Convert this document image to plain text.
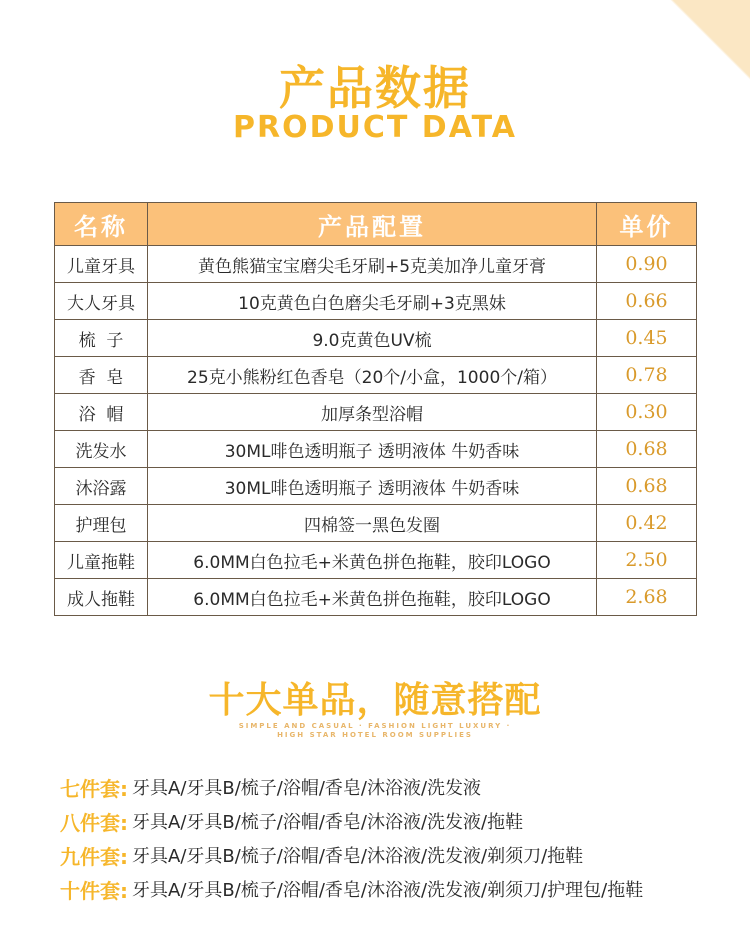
产品数据
PRODUCT DATA
名称	产品配置	单价
儿童牙具	黄色熊猫宝宝磨尖毛牙刷+5克美加净儿童牙膏	0.90
大人牙具	10克黄色白色磨尖毛牙刷+3克黑妹	0.66
梳  子	9.0克黄色UV梳	0.45
香  皂	25克小熊粉红色香皂（20个/小盒，1000个/箱）	0.78
浴  帽	加厚条型浴帽	0.30
洗发水	30ML啡色透明瓶子 透明液体 牛奶香味	0.68
沐浴露	30ML啡色透明瓶子 透明液体 牛奶香味	0.68
护理包	四棉签一黑色发圈	0.42
儿童拖鞋	6.0MM白色拉毛+米黄色拼色拖鞋，胶印LOGO	2.50
成人拖鞋	6.0MM白色拉毛+米黄色拼色拖鞋，胶印LOGO	2.68
十大单品，随意搭配
SIMPLE AND CASUAL · FASHION LIGHT LUXURY ·
HIGH STAR HOTEL ROOM SUPPLIES
七件套: 牙具A/牙具B/梳子/浴帽/香皂/沐浴液/洗发液
八件套: 牙具A/牙具B/梳子/浴帽/香皂/沐浴液/洗发液/拖鞋
九件套: 牙具A/牙具B/梳子/浴帽/香皂/沐浴液/洗发液/剃须刀/拖鞋
十件套: 牙具A/牙具B/梳子/浴帽/香皂/沐浴液/洗发液/剃须刀/护理包/拖鞋
